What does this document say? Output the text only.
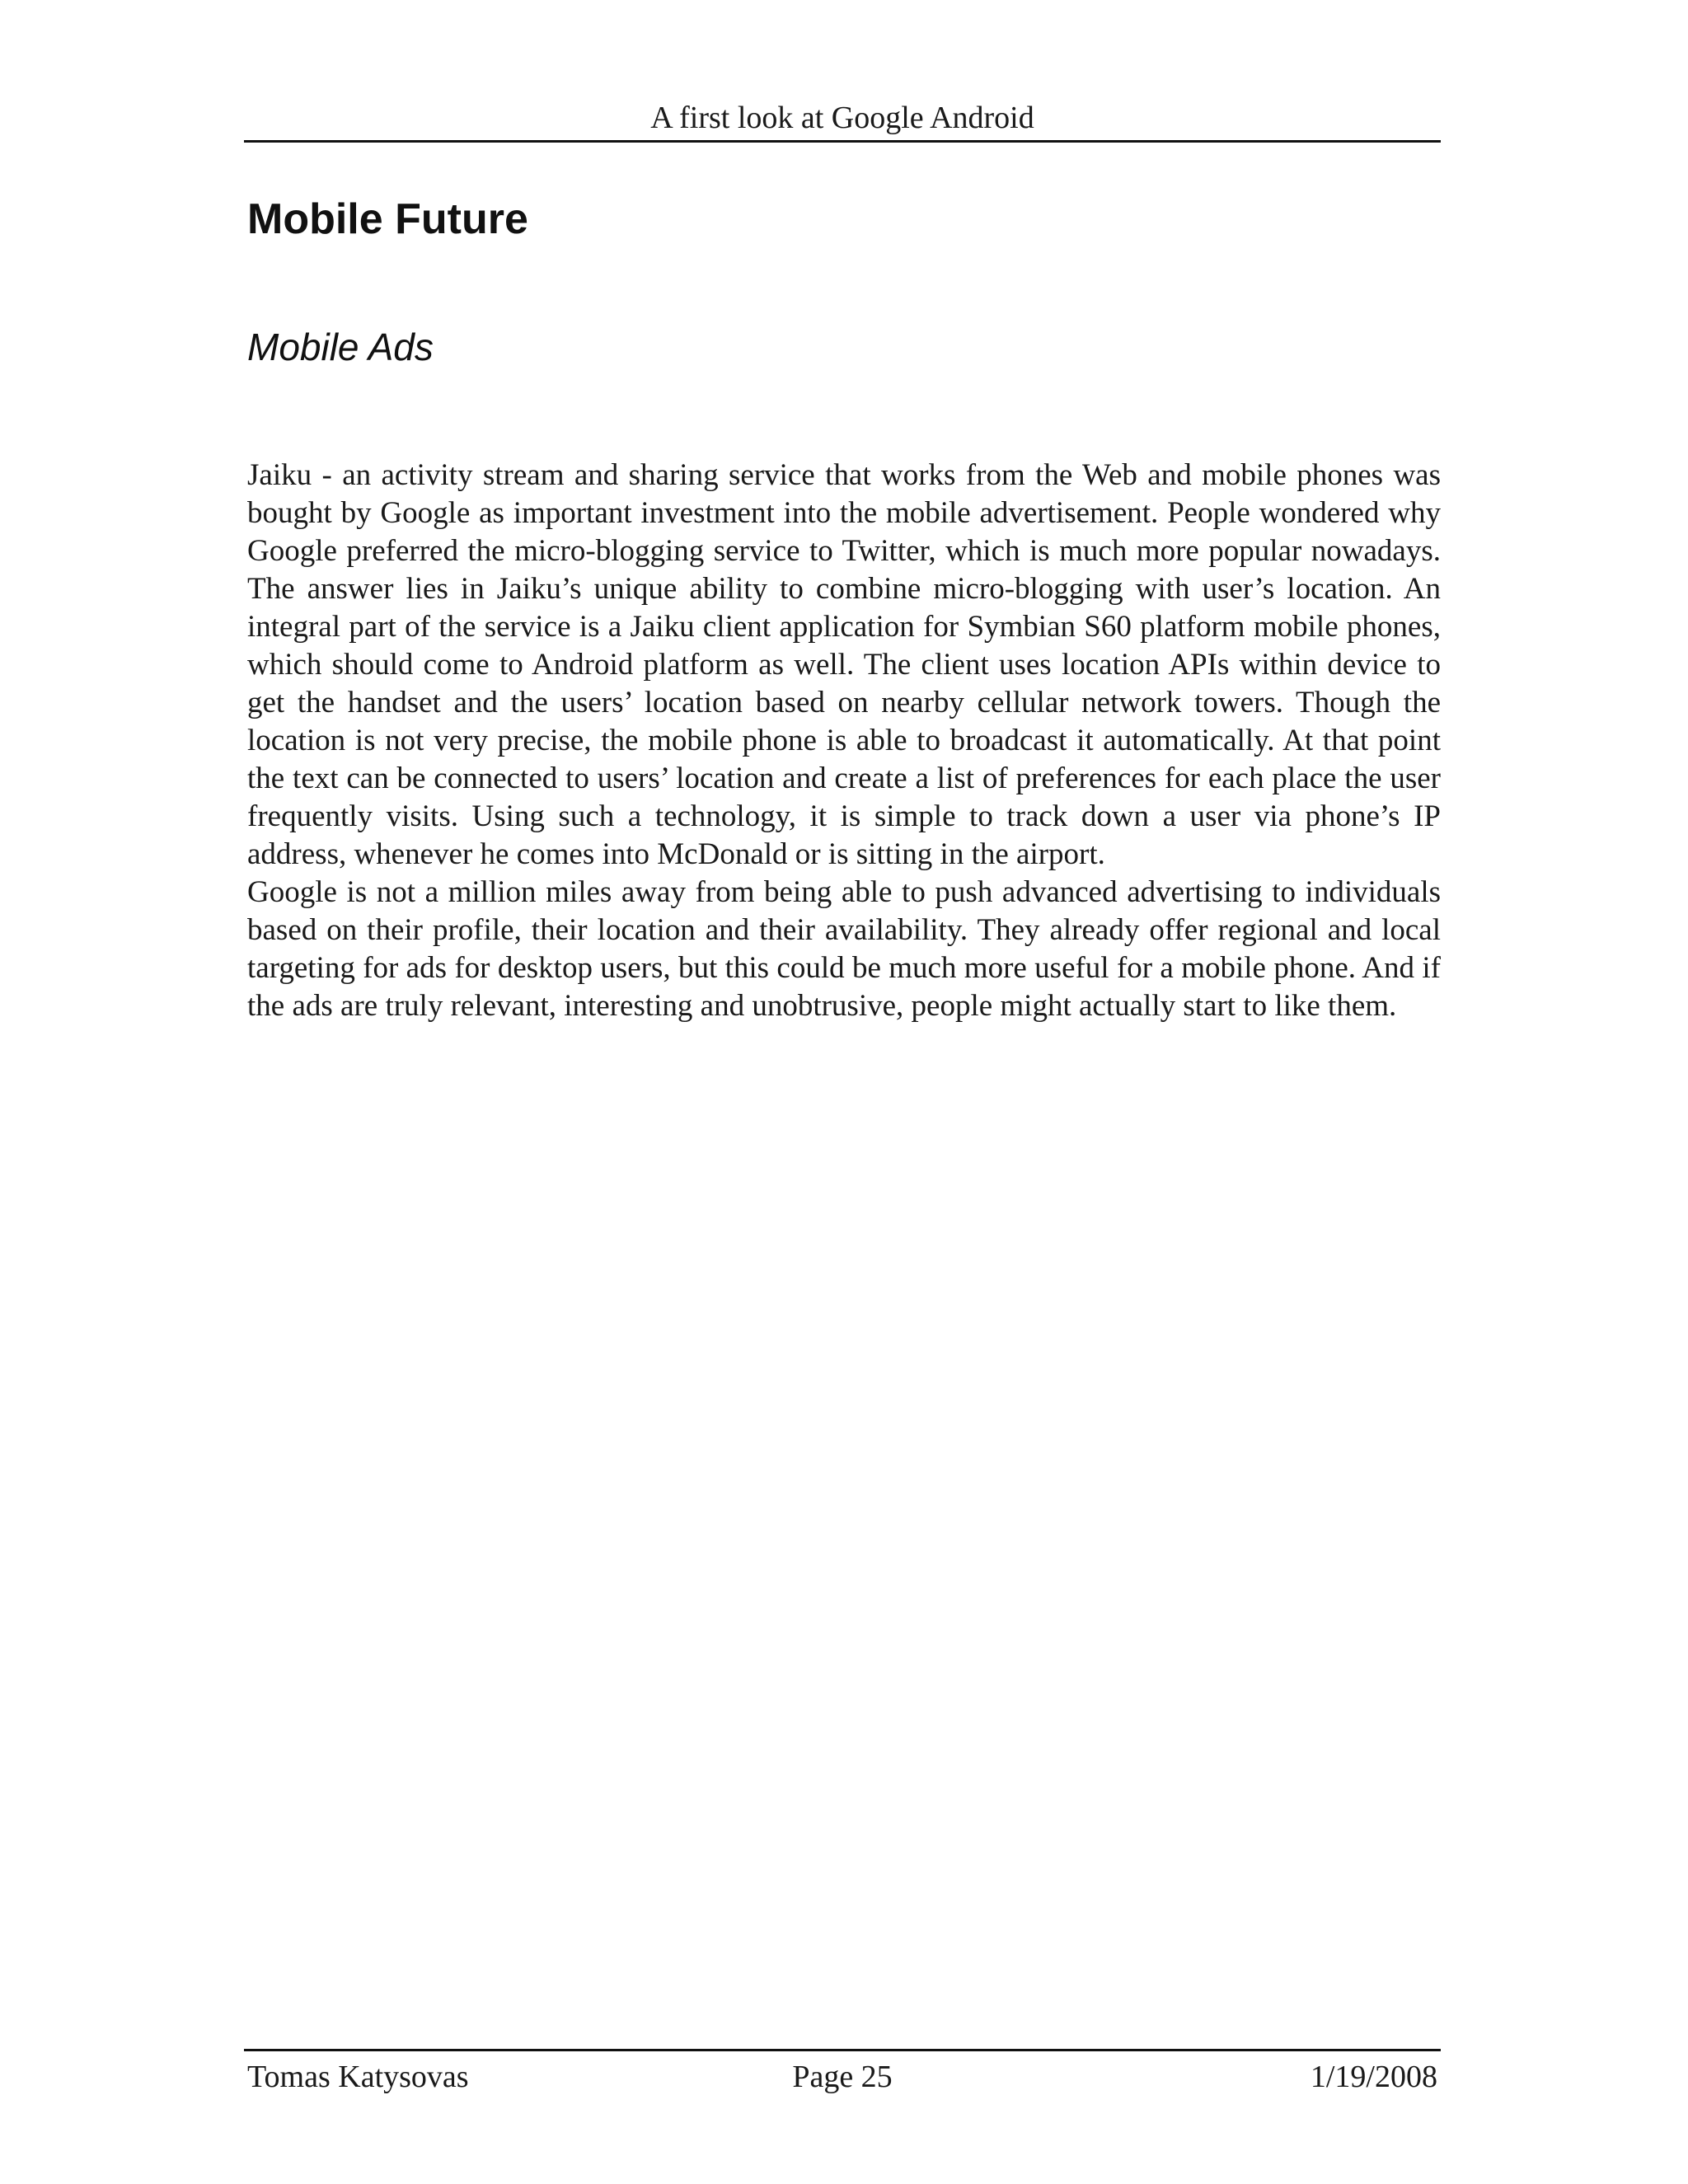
A first look at Google Android
Mobile Future
Mobile Ads

Jaiku - an activity stream and sharing service that works from the Web and mobile phones was bought by Google as important investment into the mobile advertisement. People wondered why Google preferred the micro-blogging service to Twitter, which is much more popular nowadays. The answer lies in Jaiku’s unique ability to combine micro-blogging with user’s location. An integral part of the service is a Jaiku client application for Symbian S60 platform mobile phones, which should come to Android platform as well. The client uses location APIs within device to get the handset and the users’ location based on nearby cellular network towers. Though the location is not very precise, the mobile phone is able to broadcast it automatically. At that point the text can be connected to users’ location and create a list of preferences for each place the user frequently visits. Using such a technology, it is simple to track down a user via phone’s IP address, whenever he comes into McDonald or is sitting in the airport.

Google is not a million miles away from being able to push advanced advertising to individuals based on their profile, their location and their availability. They already offer regional and local targeting for ads for desktop users, but this could be much more useful for a mobile phone. And if the ads are truly relevant, interesting and unobtrusive, people might actually start to like them.

Tomas Katysovas	Page 25	1/19/2008
